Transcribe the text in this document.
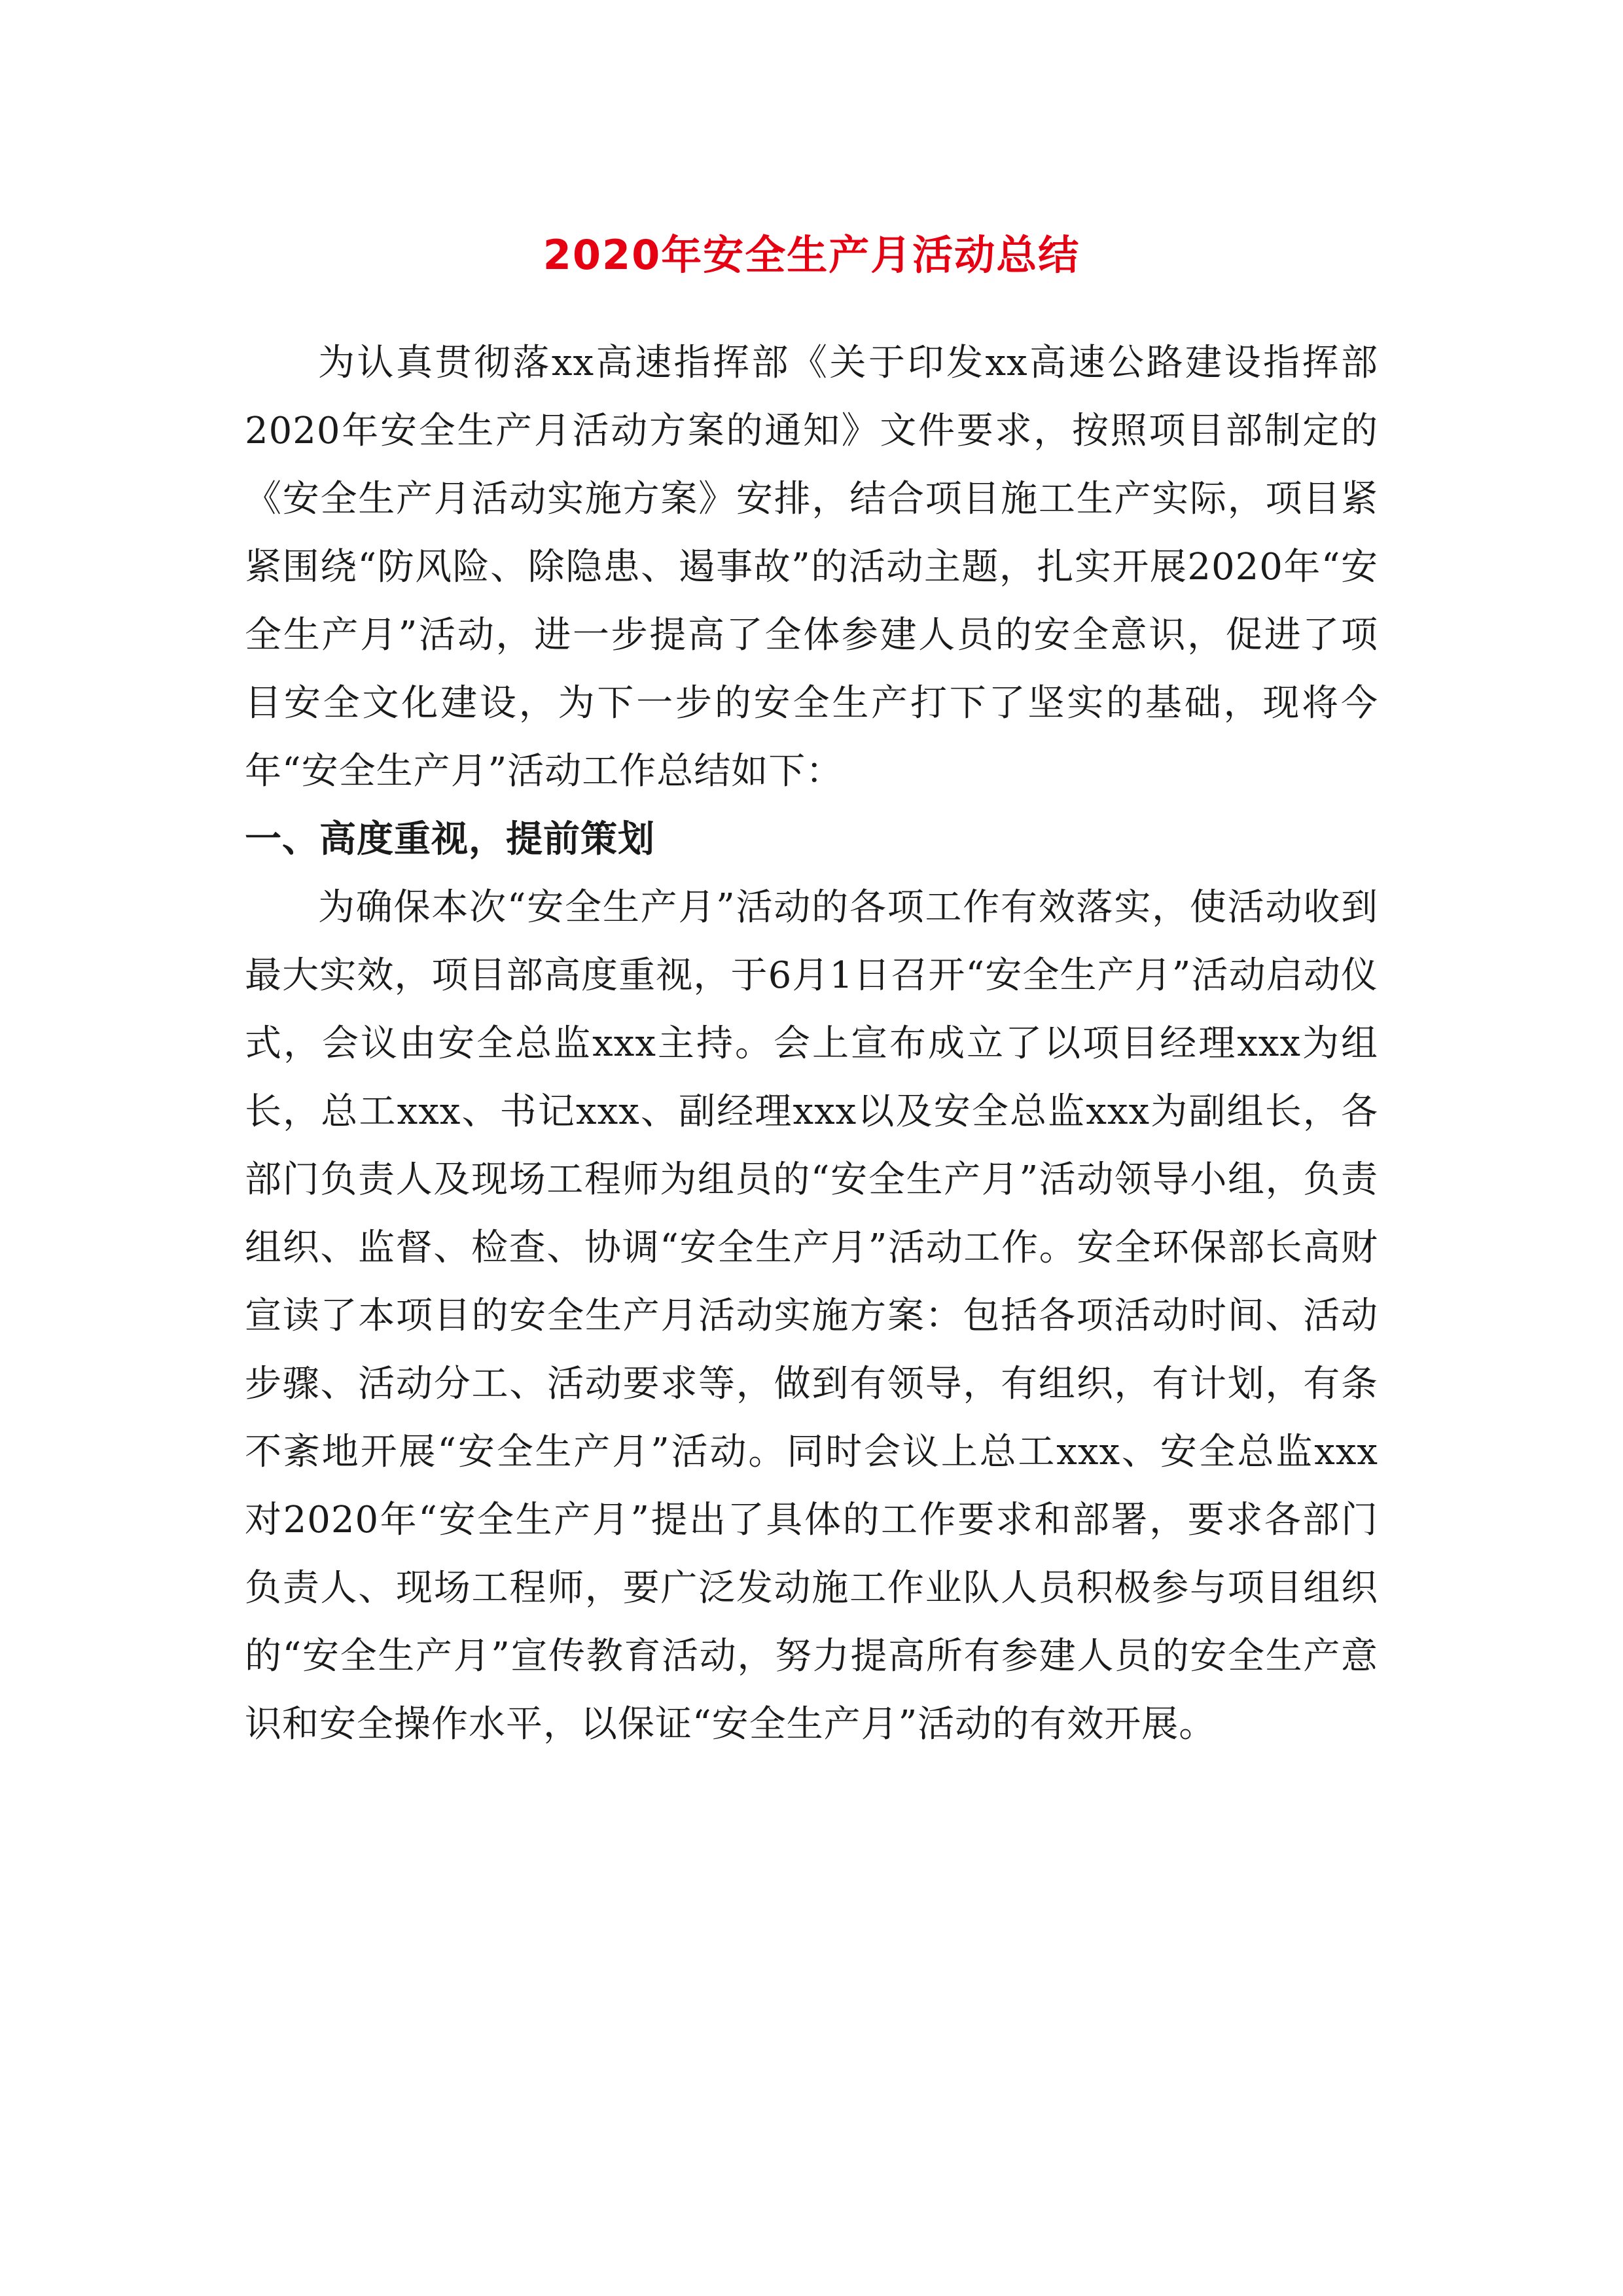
2020年安全生产月活动总结

为认真贯彻落xx高速指挥部《关于印发xx高速公路建设指挥部2020年安全生产月活动方案的通知》文件要求，按照项目部制定的《安全生产月活动实施方案》安排，结合项目施工生产实际，项目紧紧围绕“防风险、除隐患、遏事故”的活动主题，扎实开展2020年“安全生产月”活动，进一步提高了全体参建人员的安全意识，促进了项目安全文化建设，为下一步的安全生产打下了坚实的基础，现将今年“安全生产月”活动工作总结如下：

一、高度重视，提前策划

为确保本次“安全生产月”活动的各项工作有效落实，使活动收到最大实效，项目部高度重视，于6月1日召开“安全生产月”活动启动仪式，会议由安全总监xxx主持。会上宣布成立了以项目经理xxx为组长，总工xxx、书记xxx、副经理xxx以及安全总监xxx为副组长，各部门负责人及现场工程师为组员的“安全生产月”活动领导小组，负责组织、监督、检查、协调“安全生产月”活动工作。安全环保部长高财宣读了本项目的安全生产月活动实施方案：包括各项活动时间、活动步骤、活动分工、活动要求等，做到有领导，有组织，有计划，有条不紊地开展“安全生产月”活动。同时会议上总工xxx、安全总监xxx对2020年“安全生产月”提出了具体的工作要求和部署，要求各部门负责人、现场工程师，要广泛发动施工作业队人员积极参与项目组织的“安全生产月”宣传教育活动，努力提高所有参建人员的安全生产意识和安全操作水平，以保证“安全生产月”活动的有效开展。
